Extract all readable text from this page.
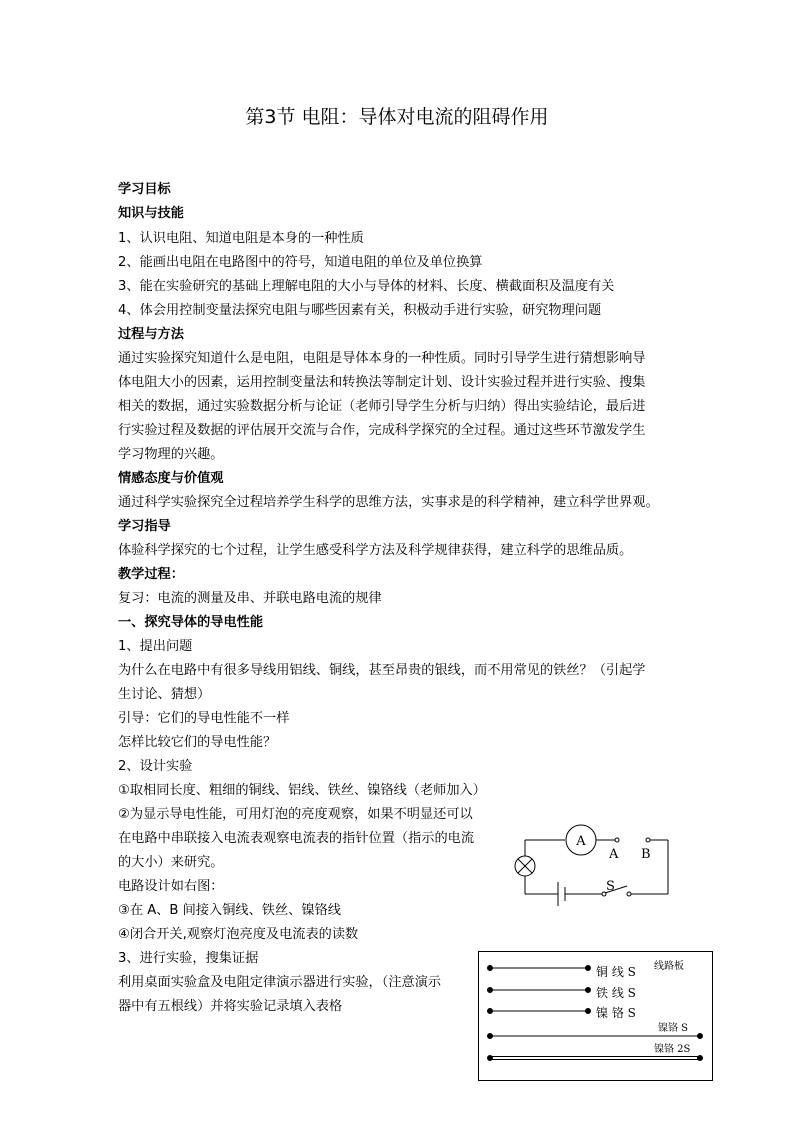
第3节 电阻：导体对电流的阻碍作用
学习目标
知识与技能
1、认识电阻、知道电阻是本身的一种性质
2、能画出电阻在电路图中的符号，知道电阻的单位及单位换算
3、能在实验研究的基础上理解电阻的大小与导体的材料、长度、横截面积及温度有关
4、体会用控制变量法探究电阻与哪些因素有关，积极动手进行实验，研究物理问题
过程与方法
通过实验探究知道什么是电阻，电阻是导体本身的一种性质。同时引导学生进行猜想影响导
体电阻大小的因素，运用控制变量法和转换法等制定计划、设计实验过程并进行实验、搜集
相关的数据，通过实验数据分析与论证（老师引导学生分析与归纳）得出实验结论，最后进
行实验过程及数据的评估展开交流与合作，完成科学探究的全过程。通过这些环节激发学生
学习物理的兴趣。
情感态度与价值观
通过科学实验探究全过程培养学生科学的思维方法，实事求是的科学精神，建立科学世界观。
学习指导
体验科学探究的七个过程，让学生感受科学方法及科学规律获得，建立科学的思维品质。
教学过程：
复习：电流的测量及串、并联电路电流的规律
一、探究导体的导电性能
1、提出问题
为什么在电路中有很多导线用铝线、铜线，甚至昂贵的银线，而不用常见的铁丝？（引起学
生讨论、猜想）
引导：它们的导电性能不一样
怎样比较它们的导电性能？
2、设计实验
①取相同长度、粗细的铜线、铝线、铁丝、镍铬线（老师加入）
②为显示导电性能，可用灯泡的亮度观察，如果不明显还可以
在电路中串联接入电流表观察电流表的指针位置（指示的电流
的大小）来研究。
电路设计如右图：
③在 A、B 间接入铜线、铁丝、镍铬线
④闭合开关,观察灯泡亮度及电流表的读数
3、进行实验，搜集证据
利用桌面实验盒及电阻定律演示器进行实验，（注意演示
器中有五根线）并将实验记录填入表格
A
A B
S
线路板
铜 线 S
铁 线 S
镍 铬 S
镍铬 S
镍铬 2S
